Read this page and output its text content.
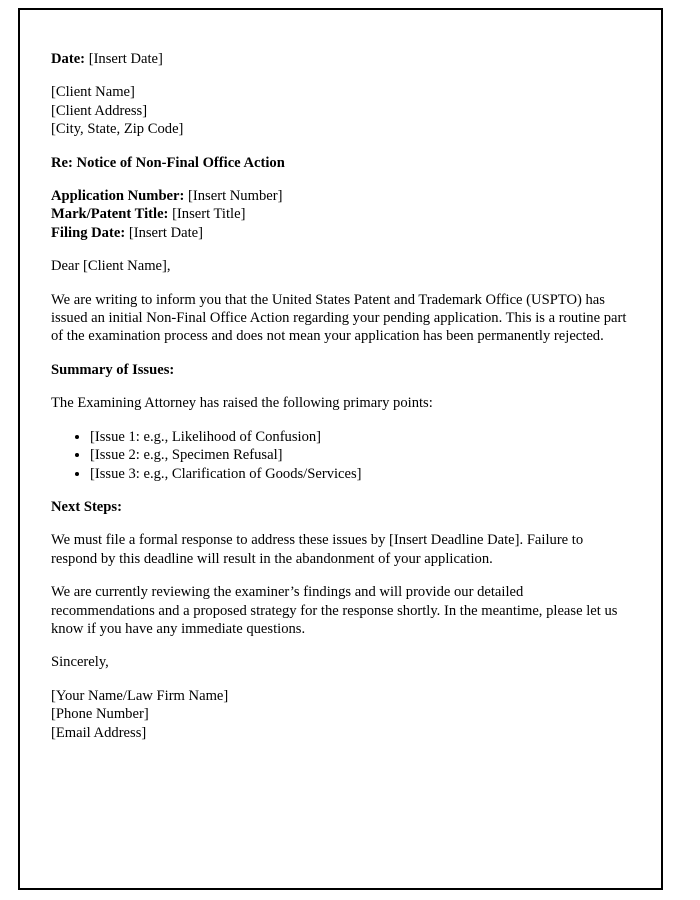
Date: [Insert Date]

[Client Name]

[Client Address]

[City, State, Zip Code]

Re: Notice of Non-Final Office Action

Application Number: [Insert Number]

Mark/Patent Title: [Insert Title]

Filing Date: [Insert Date]

Dear [Client Name],

We are writing to inform you that the United States Patent and Trademark Office (USPTO) has issued an initial Non-Final Office Action regarding your pending application. This is a routine part of the examination process and does not mean your application has been permanently rejected.

Summary of Issues:

The Examining Attorney has raised the following primary points:

• [Issue 1: e.g., Likelihood of Confusion]
• [Issue 2: e.g., Specimen Refusal]
• [Issue 3: e.g., Clarification of Goods/Services]

Next Steps:

We must file a formal response to address these issues by [Insert Deadline Date]. Failure to respond by this deadline will result in the abandonment of your application.

We are currently reviewing the examiner’s findings and will provide our detailed recommendations and a proposed strategy for the response shortly. In the meantime, please let us know if you have any immediate questions.

Sincerely,

[Your Name/Law Firm Name]

[Phone Number]

[Email Address]
